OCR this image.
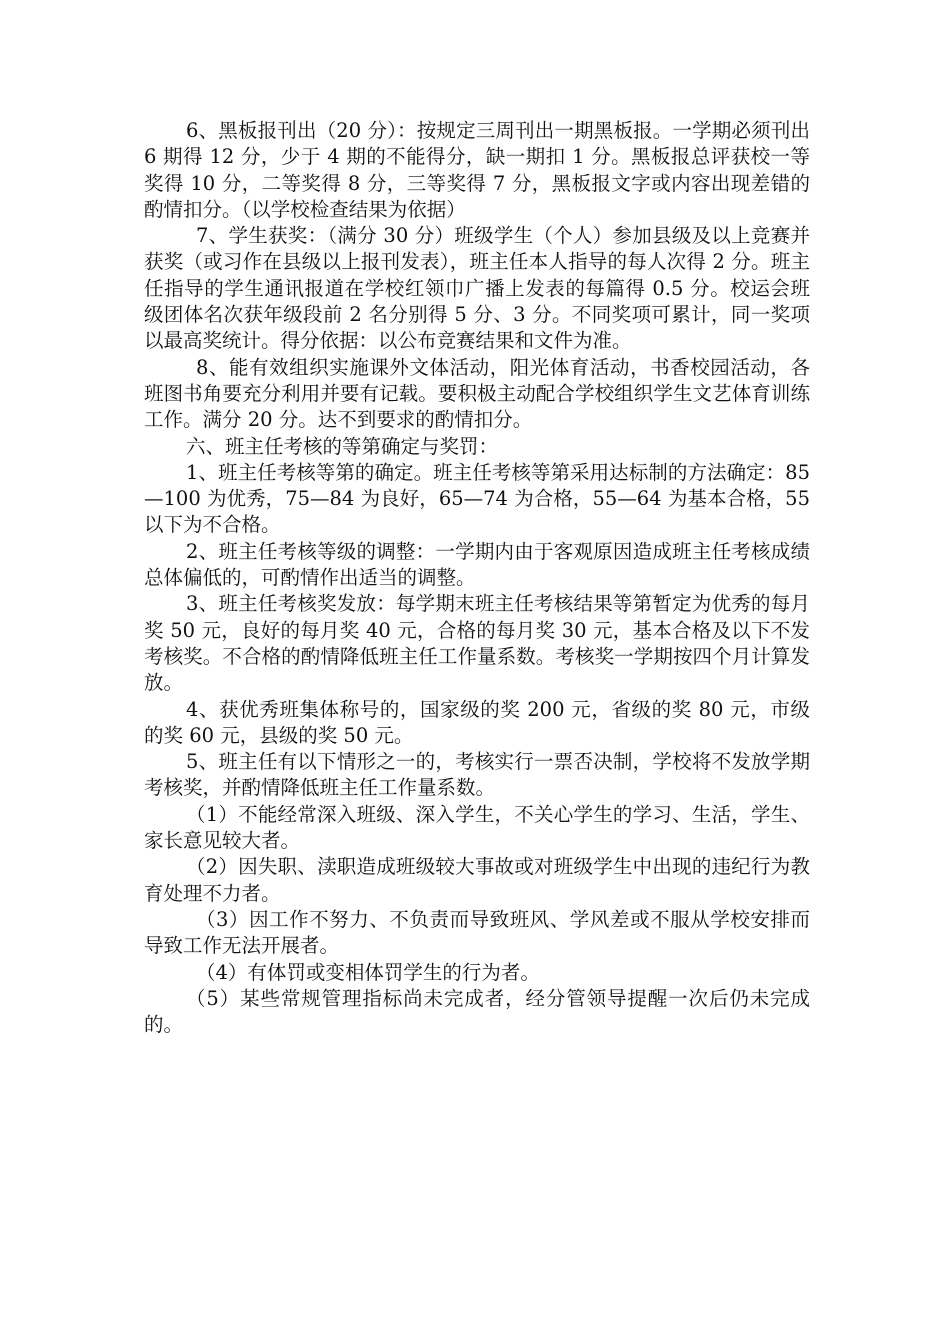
6、黑板报刊出（20 分）：按规定三周刊出一期黑板报。一学期必须刊出 6 期得 12 分，少于 4 期的不能得分，缺一期扣 1 分。黑板报总评获校一等奖得 10 分，二等奖得 8 分，三等奖得 7 分，黑板报文字或内容出现差错的酌情扣分。（以学校检查结果为依据）

7、学生获奖：（满分 30 分）班级学生（个人）参加县级及以上竞赛并获奖（或习作在县级以上报刊发表），班主任本人指导的每人次得 2 分。班主任指导的学生通讯报道在学校红领巾广播上发表的每篇得 0.5 分。校运会班级团体名次获年级段前 2 名分别得 5 分、3 分。不同奖项可累计，同一奖项以最高奖统计。得分依据：以公布竞赛结果和文件为准。

8、能有效组织实施课外文体活动，阳光体育活动，书香校园活动，各班图书角要充分利用并要有记载。要积极主动配合学校组织学生文艺体育训练工作。满分 20 分。达不到要求的酌情扣分。

六、班主任考核的等第确定与奖罚：

1、班主任考核等第的确定。班主任考核等第采用达标制的方法确定：85—100 为优秀，75—84 为良好，65—74 为合格，55—64 为基本合格，55 以下为不合格。

2、班主任考核等级的调整：一学期内由于客观原因造成班主任考核成绩总体偏低的，可酌情作出适当的调整。

3、班主任考核奖发放：每学期末班主任考核结果等第暂定为优秀的每月奖 50 元，良好的每月奖 40 元，合格的每月奖 30 元，基本合格及以下不发考核奖。不合格的酌情降低班主任工作量系数。考核奖一学期按四个月计算发放。

4、获优秀班集体称号的，国家级的奖 200 元，省级的奖 80 元，市级的奖 60 元，县级的奖 50 元。

5、班主任有以下情形之一的，考核实行一票否决制，学校将不发放学期考核奖，并酌情降低班主任工作量系数。

（1）不能经常深入班级、深入学生，不关心学生的学习、生活，学生、家长意见较大者。

（2）因失职、渎职造成班级较大事故或对班级学生中出现的违纪行为教育处理不力者。

（3）因工作不努力、不负责而导致班风、学风差或不服从学校安排而导致工作无法开展者。

（4）有体罚或变相体罚学生的行为者。

（5）某些常规管理指标尚未完成者，经分管领导提醒一次后仍未完成的。
